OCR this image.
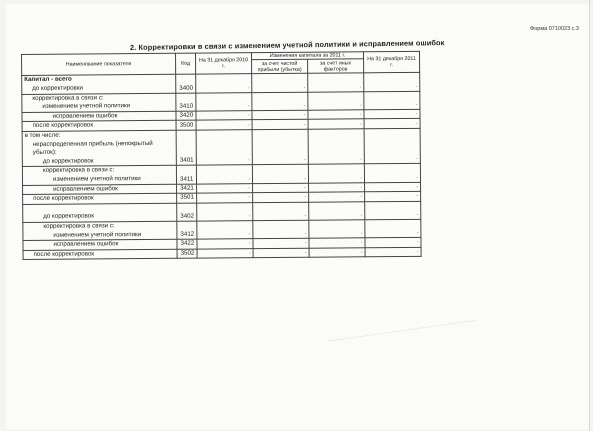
Форма 0710023 с.3
2. Корректировки в связи с изменением учетной политики и исправлением ошибок
Наименование показателя	Код	На 31 декабря 2010 г.	Изменения капитала за 2011 г.		На 31 декабря 2011 г.
			за счет чистой прибыли (убытка)	за счет иных факторов	

Капитал - всего
до корректировки	3400	-	-	-	-

корректировка в связи с:
изменением учетной политики	3410	-	-	-	-

исправлением ошибок	3420	-	-	-	-

после корректировок	3500	-	-	-	-

в том числе:
нераспределенная прибыль (непокрытый
убыток):
до корректировок	3401	-	-	-	-

корректировка в связи с:
изменением учетной политики	3411	-	-	-	-

исправлением ошибок	3421	-	-	-	-

после корректировок	3501	-	-	-	-

до корректировок	3402	-	-	-	-

корректировка в связи с:
изменением учетной политики	3412	-	-	-	-

исправлением ошибок	3422	-	-	-	-

после корректировок	3502	-	-	-	-
